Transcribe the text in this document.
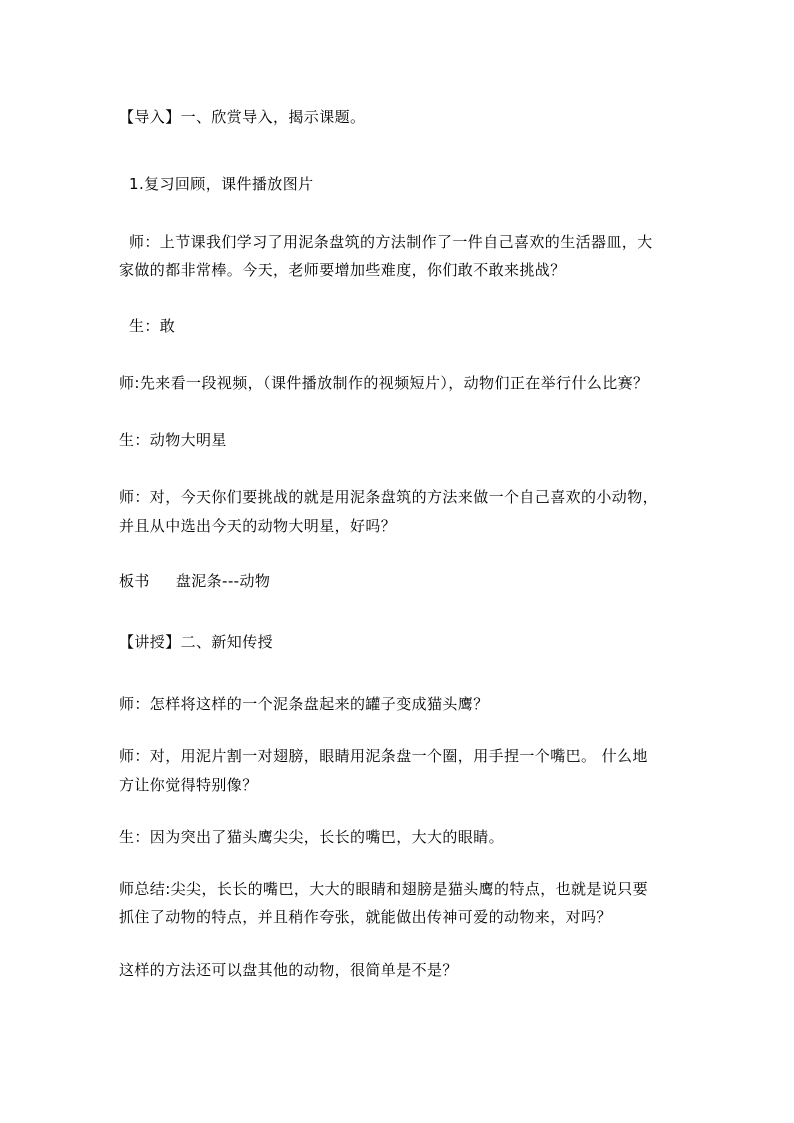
【导入】一、欣赏导入，揭示课题。
1.复习回顾，课件播放图片
师：上节课我们学习了用泥条盘筑的方法制作了一件自己喜欢的生活器皿，大
家做的都非常棒。今天，老师要增加些难度，你们敢不敢来挑战？
生：敢
师:先来看一段视频，（课件播放制作的视频短片），动物们正在举行什么比赛？
生：动物大明星
师：对，今天你们要挑战的就是用泥条盘筑的方法来做一个自己喜欢的小动物，
并且从中选出今天的动物大明星，好吗？
板书 盘泥条---动物
【讲授】二、新知传授
师：怎样将这样的一个泥条盘起来的罐子变成猫头鹰？
师：对，用泥片割一对翅膀，眼睛用泥条盘一个圈，用手捏一个嘴巴。 什么地
方让你觉得特别像？
生：因为突出了猫头鹰尖尖，长长的嘴巴，大大的眼睛。
师总结:尖尖，长长的嘴巴，大大的眼睛和翅膀是猫头鹰的特点，也就是说只要
抓住了动物的特点，并且稍作夸张，就能做出传神可爱的动物来，对吗？
这样的方法还可以盘其他的动物，很简单是不是？
